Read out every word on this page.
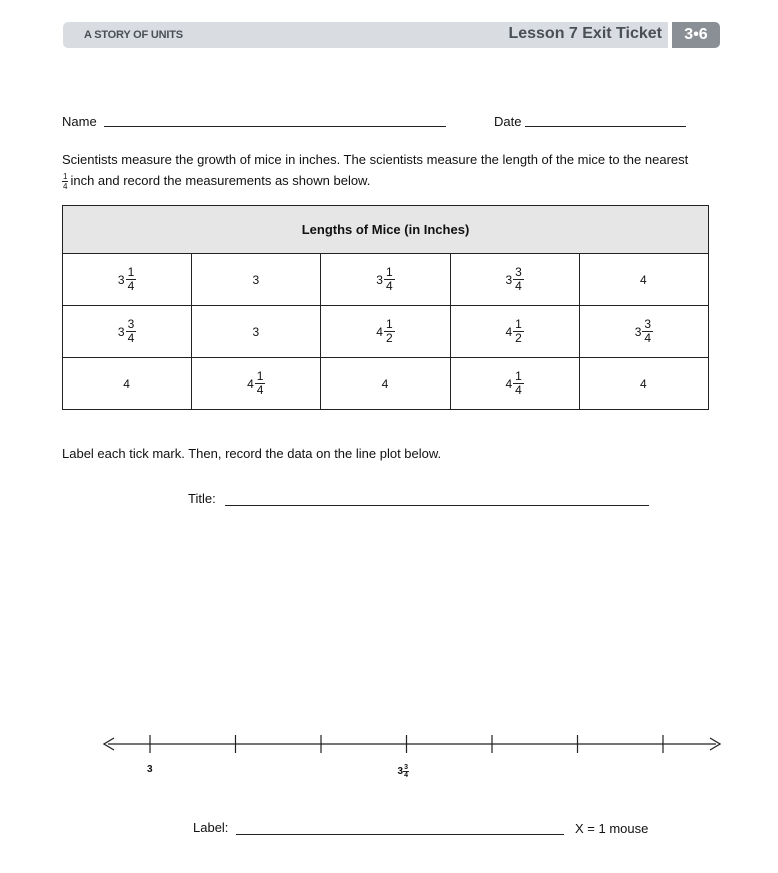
A STORY OF UNITS	Lesson 7 Exit Ticket	3•6
Name	Date
Scientists measure the growth of mice in inches. The scientists measure the length of the mice to the nearest

$\frac{1}{4}$ inch and record the measurements as shown below.
Lengths of Mice (in Inches)				

$3 \frac{1}{4}$	3	$3 \frac{1}{4}$	$3 \frac{3}{4}$	4

$3 \frac{3}{4}$	3	$4 \frac{1}{2}$	$4 \frac{1}{2}$	$3 \frac{3}{4}$

4	$4 \frac{1}{4}$	4	$4 \frac{1}{4}$	4
Label each tick mark. Then, record the data on the line plot below.
Title:
3	$3 \frac{3}{4}$
Label:	X = 1 mouse
